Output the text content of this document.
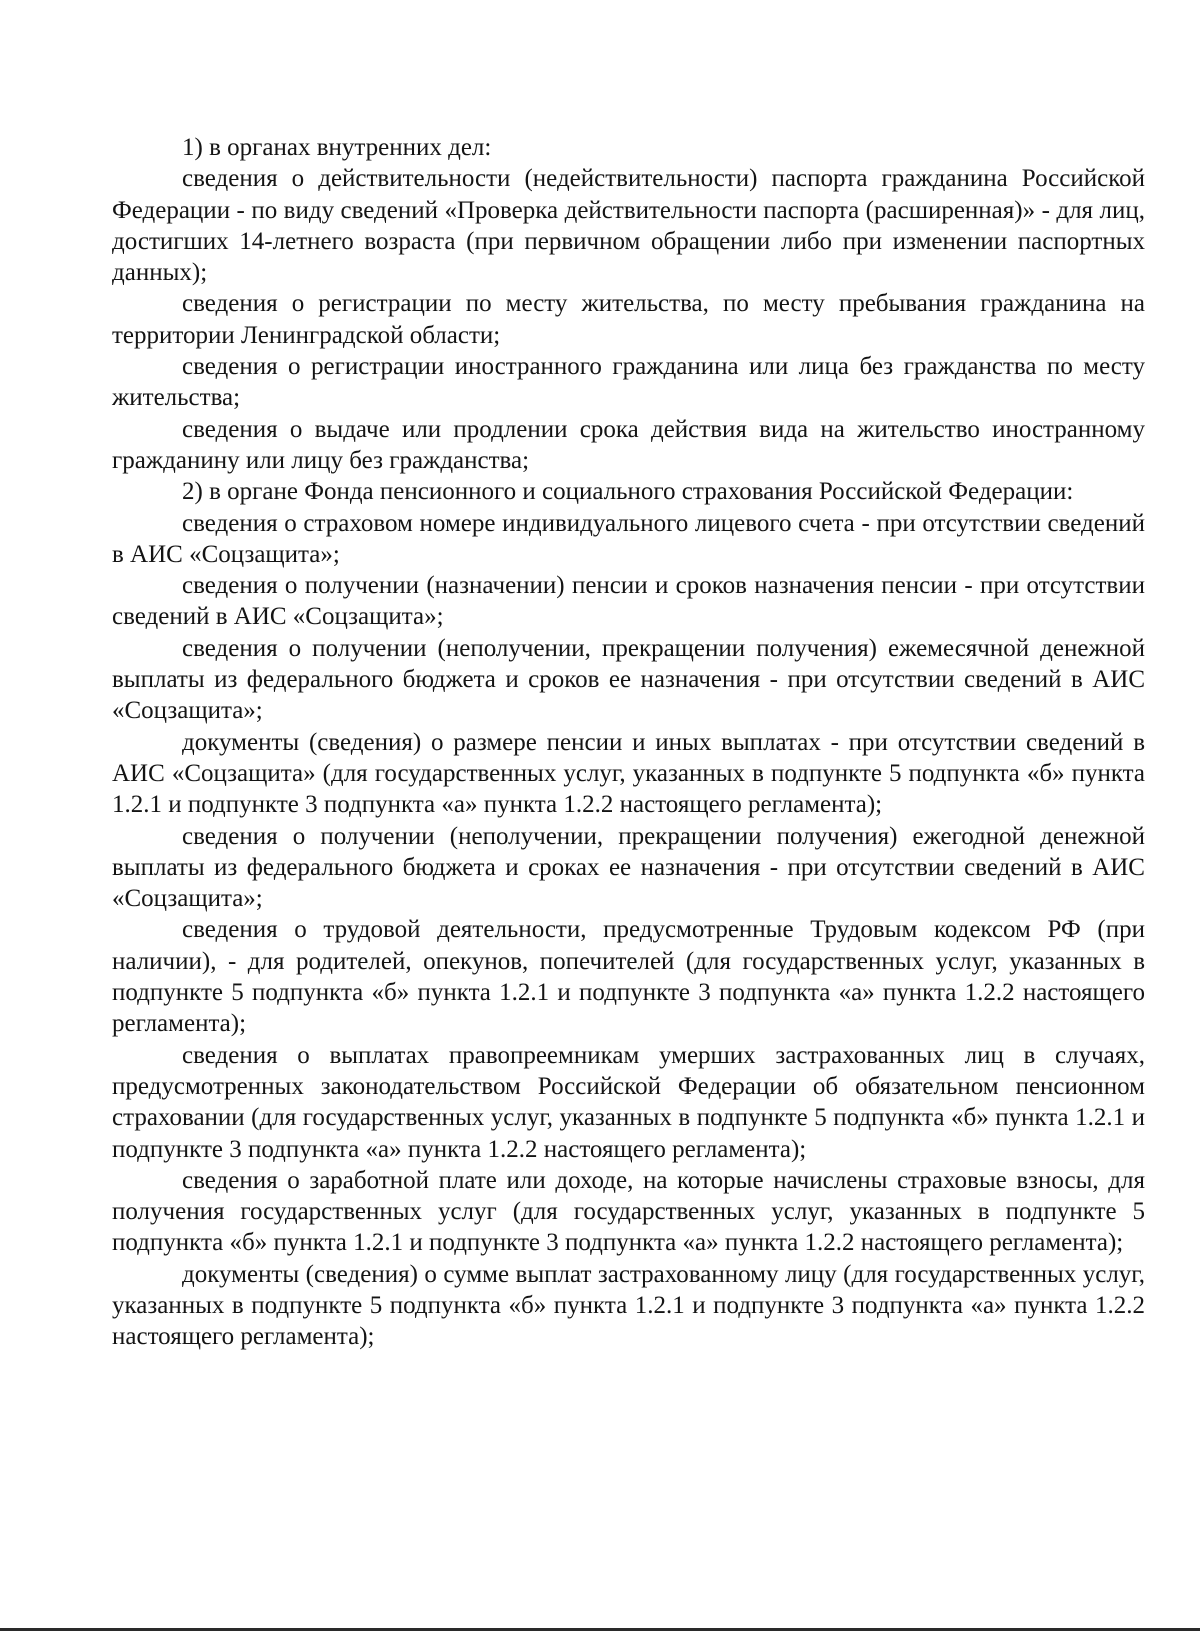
1) в органах внутренних дел:

сведения о действительности (недействительности) паспорта гражданина Российской Федерации - по виду сведений «Проверка действительности паспорта (расширенная)» - для лиц, достигших 14-летнего возраста (при первичном обращении либо при изменении паспортных данных);

сведения о регистрации по месту жительства, по месту пребывания гражданина на территории Ленинградской области;

сведения о регистрации иностранного гражданина или лица без гражданства по месту жительства;

сведения о выдаче или продлении срока действия вида на жительство иностранному гражданину или лицу без гражданства;

2) в органе Фонда пенсионного и социального страхования Российской Федерации:

сведения о страховом номере индивидуального лицевого счета - при отсутствии сведений в АИС «Соцзащита»;

сведения о получении (назначении) пенсии и сроков назначения пенсии - при отсутствии сведений в АИС «Соцзащита»;

сведения о получении (неполучении, прекращении получения) ежемесячной денежной выплаты из федерального бюджета и сроков ее назначения - при отсутствии сведений в АИС «Соцзащита»;

документы (сведения) о размере пенсии и иных выплатах - при отсутствии сведений в АИС «Соцзащита» (для государственных услуг, указанных в подпункте 5 подпункта «б» пункта 1.2.1 и подпункте 3 подпункта «а» пункта 1.2.2 настоящего регламента);

сведения о получении (неполучении, прекращении получения) ежегодной денежной выплаты из федерального бюджета и сроках ее назначения - при отсутствии сведений в АИС «Соцзащита»;

сведения о трудовой деятельности, предусмотренные Трудовым кодексом РФ (при наличии), - для родителей, опекунов, попечителей (для государственных услуг, указанных в подпункте 5 подпункта «б» пункта 1.2.1 и подпункте 3 подпункта «а» пункта 1.2.2 настоящего регламента);

сведения о выплатах правопреемникам умерших застрахованных лиц в случаях, предусмотренных законодательством Российской Федерации об обязательном пенсионном страховании (для государственных услуг, указанных в подпункте 5 подпункта «б» пункта 1.2.1 и подпункте 3 подпункта «а» пункта 1.2.2 настоящего регламента);

сведения о заработной плате или доходе, на которые начислены страховые взносы, для получения государственных услуг (для государственных услуг, указанных в подпункте 5 подпункта «б» пункта 1.2.1 и подпункте 3 подпункта «а» пункта 1.2.2 настоящего регламента);

документы (сведения) о сумме выплат застрахованному лицу (для государственных услуг, указанных в подпункте 5 подпункта «б» пункта 1.2.1 и подпункте 3 подпункта «а» пункта 1.2.2 настоящего регламента);
